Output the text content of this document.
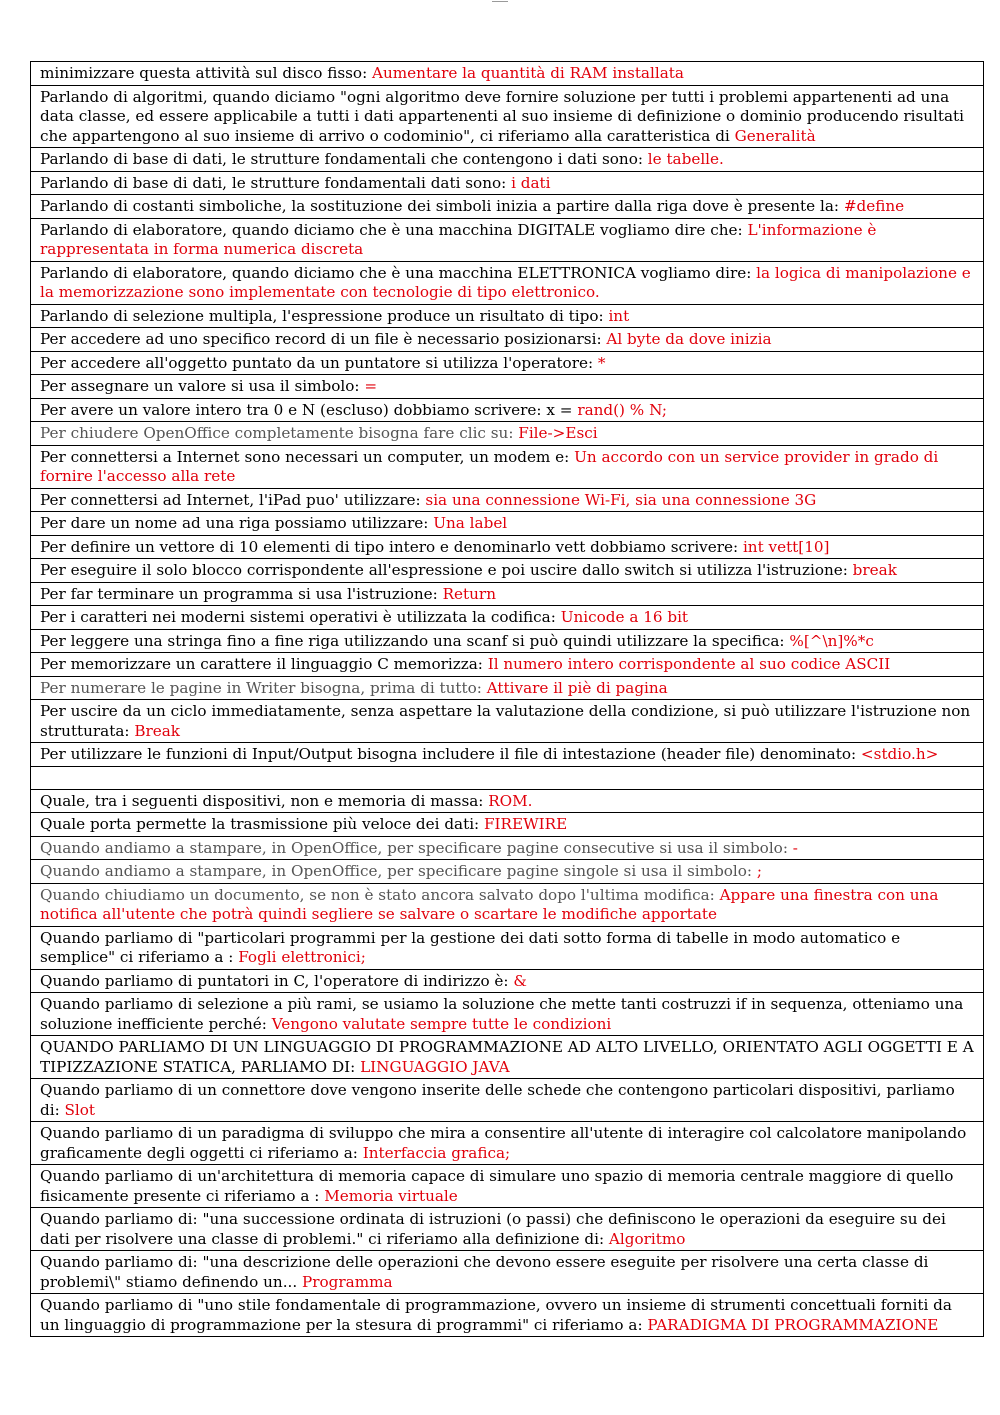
minimizzare questa attività sul disco fisso: Aumentare la quantità di RAM installata
Parlando di algoritmi, quando diciamo "ogni algoritmo deve fornire soluzione per tutti i problemi appartenenti ad una data classe, ed essere applicabile a tutti i dati appartenenti al suo insieme di definizione o dominio producendo risultati che appartengono al suo insieme di arrivo o codominio", ci riferiamo alla caratteristica di Generalità
Parlando di base di dati, le strutture fondamentali che contengono i dati sono: le tabelle.
Parlando di base di dati, le strutture fondamentali dati sono: i dati
Parlando di costanti simboliche, la sostituzione dei simboli inizia a partire dalla riga dove è presente la: #define
Parlando di elaboratore, quando diciamo che è una macchina DIGITALE vogliamo dire che: L'informazione è rappresentata in forma numerica discreta
Parlando di elaboratore, quando diciamo che è una macchina ELETTRONICA vogliamo dire: la logica di manipolazione e la memorizzazione sono implementate con tecnologie di tipo elettronico.
Parlando di selezione multipla, l'espressione produce un risultato di tipo: int
Per accedere ad uno specifico record di un file è necessario posizionarsi: Al byte da dove inizia
Per accedere all'oggetto puntato da un puntatore si utilizza l'operatore: *
Per assegnare un valore si usa il simbolo: =
Per avere un valore intero tra 0 e N (escluso) dobbiamo scrivere: x = rand() % N;
Per chiudere OpenOffice completamente bisogna fare clic su: File->Esci
Per connettersi a Internet sono necessari un computer, un modem e: Un accordo con un service provider in grado di fornire l'accesso alla rete
Per connettersi ad Internet, l'iPad puo' utilizzare: sia una connessione Wi-Fi, sia una connessione 3G
Per dare un nome ad una riga possiamo utilizzare: Una label
Per definire un vettore di 10 elementi di tipo intero e denominarlo vett dobbiamo scrivere: int vett[10]
Per eseguire il solo blocco corrispondente all'espressione e poi uscire dallo switch si utilizza l'istruzione: break
Per far terminare un programma si usa l'istruzione: Return
Per i caratteri nei moderni sistemi operativi è utilizzata la codifica: Unicode a 16 bit
Per leggere una stringa fino a fine riga utilizzando una scanf si può quindi utilizzare la specifica: %[^\n]%*c
Per memorizzare un carattere il linguaggio C memorizza: Il numero intero corrispondente al suo codice ASCII
Per numerare le pagine in Writer bisogna, prima di tutto: Attivare il piè di pagina
Per uscire da un ciclo immediatamente, senza aspettare la valutazione della condizione, si può utilizzare l'istruzione non strutturata: Break
Per utilizzare le funzioni di Input/Output bisogna includere il file di intestazione (header file) denominato: <stdio.h>

Quale, tra i seguenti dispositivi, non e memoria di massa: ROM.
Quale porta permette la trasmissione più veloce dei dati: FIREWIRE
Quando andiamo a stampare, in OpenOffice, per specificare pagine consecutive si usa il simbolo: -
Quando andiamo a stampare, in OpenOffice, per specificare pagine singole si usa il simbolo: ;
Quando chiudiamo un documento, se non è stato ancora salvato dopo l'ultima modifica: Appare una finestra con una notifica all'utente che potrà quindi segliere se salvare o scartare le modifiche apportate
Quando parliamo di "particolari programmi per la gestione dei dati sotto forma di tabelle in modo automatico e semplice" ci riferiamo a : Fogli elettronici;
Quando parliamo di puntatori in C, l'operatore di indirizzo è: &
Quando parliamo di selezione a più rami, se usiamo la soluzione che mette tanti costruzzi if in sequenza, otteniamo una soluzione inefficiente perché: Vengono valutate sempre tutte le condizioni
QUANDO PARLIAMO DI UN LINGUAGGIO DI PROGRAMMAZIONE AD ALTO LIVELLO, ORIENTATO AGLI OGGETTI E A TIPIZZAZIONE STATICA, PARLIAMO DI: LINGUAGGIO JAVA
Quando parliamo di un connettore dove vengono inserite delle schede che contengono particolari dispositivi, parliamo di: Slot
Quando parliamo di un paradigma di sviluppo che mira a consentire all'utente di interagire col calcolatore manipolando graficamente degli oggetti ci riferiamo a: Interfaccia grafica;
Quando parliamo di un'architettura di memoria capace di simulare uno spazio di memoria centrale maggiore di quello fisicamente presente ci riferiamo a : Memoria virtuale
Quando parliamo di: "una successione ordinata di istruzioni (o passi) che definiscono le operazioni da eseguire su dei dati per risolvere una classe di problemi." ci riferiamo alla definizione di: Algoritmo
Quando parliamo di: "una descrizione delle operazioni che devono essere eseguite per risolvere una certa classe di problemi\" stiamo definendo un... Programma
Quando parliamo di "uno stile fondamentale di programmazione, ovvero un insieme di strumenti concettuali forniti da un linguaggio di programmazione per la stesura di programmi" ci riferiamo a: PARADIGMA DI PROGRAMMAZIONE
